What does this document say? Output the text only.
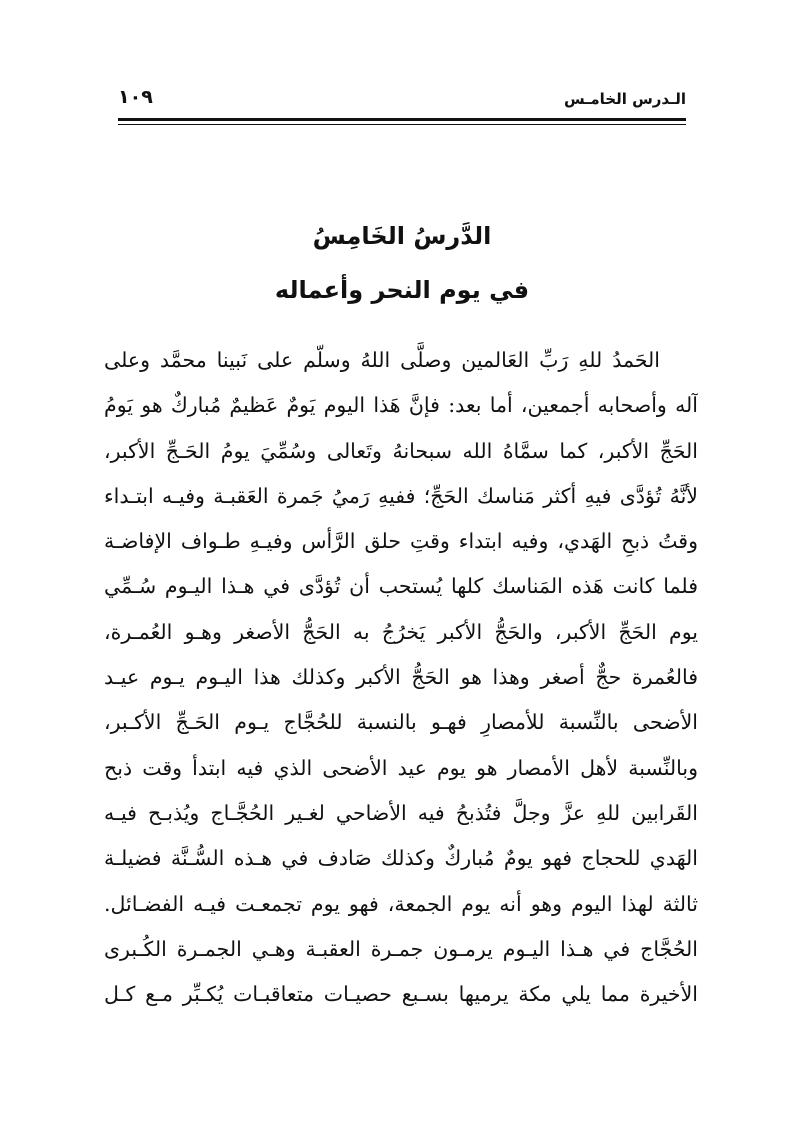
الـدرس الخامـس
١٠٩
الدَّرسُ الخَامِسُ
في يوم النحر وأعماله
الحَمدُ للهِ رَبِّ العَالمين وصلَّى اللهُ وسلّم على نَبينا محمَّد وعلى
آله وأصحابه أجمعين، أما بعد: فإنَّ هَذا اليوم يَومٌ عَظيمٌ مُباركٌ هو يَومُ
الحَجِّ الأكبر، كما سمَّاهُ الله سبحانهُ وتَعالى وسُمِّيَ يومُ الحَـجِّ الأكبر،
لأنَّهُ تُؤدَّى فيهِ أكثر مَناسك الحَجِّ؛ ففيهِ رَميُ جَمرة العَقبـة وفيـه ابتـداء
وقتُ ذبحِ الهَدي، وفيه ابتداء وقتِ حلق الرَّأس وفيـهِ طـواف الإفاضـة
فلما كانت هَذه المَناسك كلها يُستحب أن تُؤدَّى في هـذا اليـوم سُـمِّي
يوم الحَجِّ الأكبر، والحَجُّ الأكبر يَخرُجُ به الحَجُّ الأصغر وهـو العُمـرة،
فالعُمرة حجٌّ أصغر وهذا هو الحَجُّ الأكبر وكذلك هذا اليـوم يـوم عيـد
الأضحى بالنِّسبة للأمصارِ فهـو بالنسبة للحُجَّاج يـوم الحَـجِّ الأكـبر،
وبالنِّسبة لأهل الأمصار هو يوم عيد الأضحى الذي فيه ابتدأ وقت ذبح
القَرابين للهِ عزَّ وجلَّ فتُذبحُ فيه الأضاحي لغـير الحُجَّـاج ويُذبـح فيـه
الهَدي للحجاج فهو يومٌ مُباركٌ وكذلك صَادف في هـذه السُّـنَّة فضيلـة
ثالثة لهذا اليوم وهو أنه يوم الجمعة، فهو يوم تجمعـت فيـه الفضـائل.
الحُجَّاج في هـذا اليـوم يرمـون جمـرة العقبـة وهـي الجمـرة الكُـبرى
الأخيرة مما يلي مكة يرميها بسـبع حصيـات متعاقبـات يُكـبِّر مـع كـل
